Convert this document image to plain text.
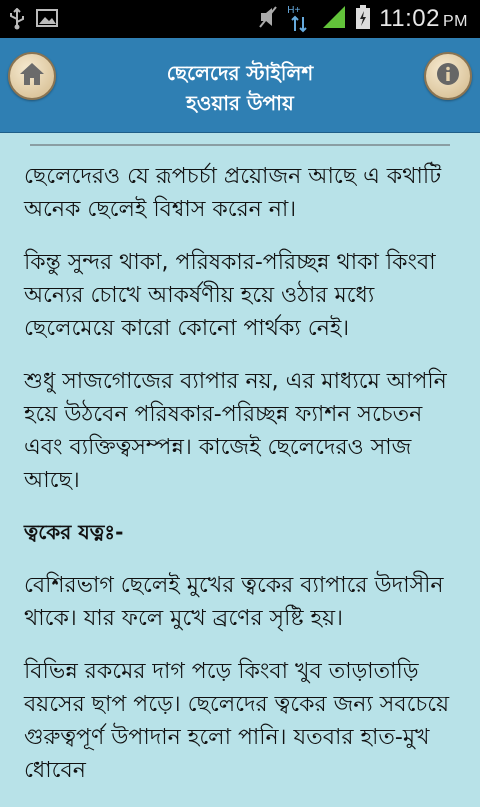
H+	11:02 PM
ছেলেদের স্টাইলিশ
হওয়ার উপায়

ছেলেদেরও যে রূপচর্চা প্রয়োজন আছে এ কথাটি অনেক ছেলেই বিশ্বাস করেন না।

কিন্তু সুন্দর থাকা, পরিষকার-পরিচ্ছন্ন থাকা কিংবা অন্যের চোখে আকর্ষণীয় হয়ে ওঠার মধ্যে ছেলেমেয়ে কারো কোনো পার্থক্য নেই।

শুধু সাজগোজের ব্যাপার নয়, এর মাধ্যমে আপনি হয়ে উঠবেন পরিষকার-পরিচ্ছন্ন ফ্যাশন সচেতন এবং ব্যক্তিত্বসম্পন্ন। কাজেই ছেলেদেরও সাজ আছে।

ত্বকের যত্নঃ-

বেশিরভাগ ছেলেই মুখের ত্বকের ব্যাপারে উদাসীন থাকে। যার ফলে মুখে ব্রণের সৃষ্টি হয়।

বিভিন্ন রকমের দাগ পড়ে কিংবা খুব তাড়াতাড়ি বয়সের ছাপ পড়ে। ছেলেদের ত্বকের জন্য সবচেয়ে গুরুত্বপূর্ণ উপাদান হলো পানি। যতবার হাত-মুখ ধোবেন
